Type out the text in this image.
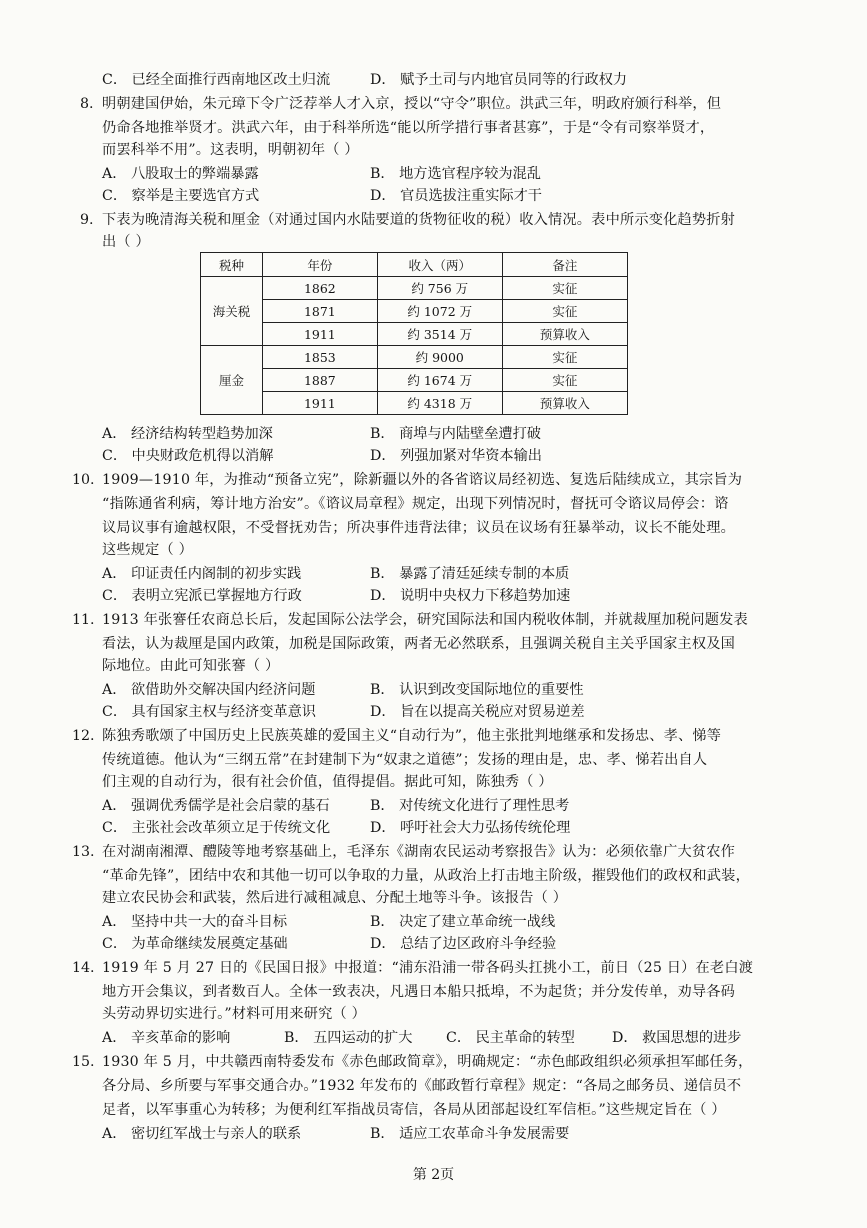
C． 已经全面推行西南地区改土归流	D． 赋予土司与内地官员同等的行政权力
8. 明朝建国伊始，朱元璋下令广泛荐举人才入京，授以“守令”职位。洪武三年，明政府颁行科举，但
仍命各地推举贤才。洪武六年，由于科举所选“能以所学措行事者甚寡”，于是“令有司察举贤才，
而罢科举不用”。这表明，明朝初年（ ）
A． 八股取士的弊端暴露	B． 地方选官程序较为混乱
C． 察举是主要选官方式	D． 官员选拔注重实际才干
9. 下表为晚清海关税和厘金（对通过国内水陆要道的货物征收的税）收入情况。表中所示变化趋势折射
出（ ）
税种	年份	收入（两）	备注
海关税	1862	约 756 万	实征
	1871	约 1072 万	实征
	1911	约 3514 万	预算收入
厘金	1853	约 9000	实征
	1887	约 1674 万	实征
	1911	约 4318 万	预算收入
A． 经济结构转型趋势加深	B． 商埠与内陆壁垒遭打破
C． 中央财政危机得以消解	D． 列强加紧对华资本输出
10. 1909—1910 年，为推动“预备立宪”，除新疆以外的各省谘议局经初选、复选后陆续成立，其宗旨为
“指陈通省利病，筹计地方治安”。《谘议局章程》规定，出现下列情况时，督抚可令谘议局停会：谘
议局议事有逾越权限，不受督抚劝告；所决事件违背法律；议员在议场有狂暴举动，议长不能处理。
这些规定（ ）
A． 印证责任内阁制的初步实践	B． 暴露了清廷延续专制的本质
C． 表明立宪派已掌握地方行政	D． 说明中央权力下移趋势加速
11. 1913 年张謇任农商总长后，发起国际公法学会，研究国际法和国内税收体制，并就裁厘加税问题发表
看法，认为裁厘是国内政策，加税是国际政策，两者无必然联系，且强调关税自主关乎国家主权及国
际地位。由此可知张謇（ ）
A． 欲借助外交解决国内经济问题	B． 认识到改变国际地位的重要性
C． 具有国家主权与经济变革意识	D． 旨在以提高关税应对贸易逆差
12. 陈独秀歌颂了中国历史上民族英雄的爱国主义“自动行为”，他主张批判地继承和发扬忠、孝、悌等
传统道德。他认为“三纲五常”在封建制下为“奴隶之道德”；发扬的理由是，忠、孝、悌若出自人
们主观的自动行为，很有社会价值，值得提倡。据此可知，陈独秀（ ）
A． 强调优秀儒学是社会启蒙的基石	B． 对传统文化进行了理性思考
C． 主张社会改革须立足于传统文化	D． 呼吁社会大力弘扬传统伦理
13. 在对湖南湘潭、醴陵等地考察基础上，毛泽东《湖南农民运动考察报告》认为：必须依靠广大贫农作
“革命先锋”，团结中农和其他一切可以争取的力量，从政治上打击地主阶级，摧毁他们的政权和武装，
建立农民协会和武装，然后进行减租减息、分配土地等斗争。该报告（ ）
A． 坚持中共一大的奋斗目标	B． 决定了建立革命统一战线
C． 为革命继续发展奠定基础	D． 总结了边区政府斗争经验
14. 1919 年 5 月 27 日的《民国日报》中报道：“浦东沿浦一带各码头扛挑小工，前日（25 日）在老白渡
地方开会集议，到者数百人。全体一致表决，凡遇日本船只抵埠，不为起货；并分发传单，劝导各码
头劳动界切实进行。”材料可用来研究（ ）
A． 辛亥革命的影响	B． 五四运动的扩大 C． 民主革命的转型	D． 救国思想的进步
15. 1930 年 5 月，中共赣西南特委发布《赤色邮政简章》，明确规定：“赤色邮政组织必须承担军邮任务，
各分局、乡所要与军事交通合办。”1932 年发布的《邮政暂行章程》规定：“各局之邮务员、递信员不
足者，以军事重心为转移；为便利红军指战员寄信，各局从团部起设红军信柜。”这些规定旨在（ ）
A． 密切红军战士与亲人的联系	B． 适应工农革命斗争发展需要
第 2页
